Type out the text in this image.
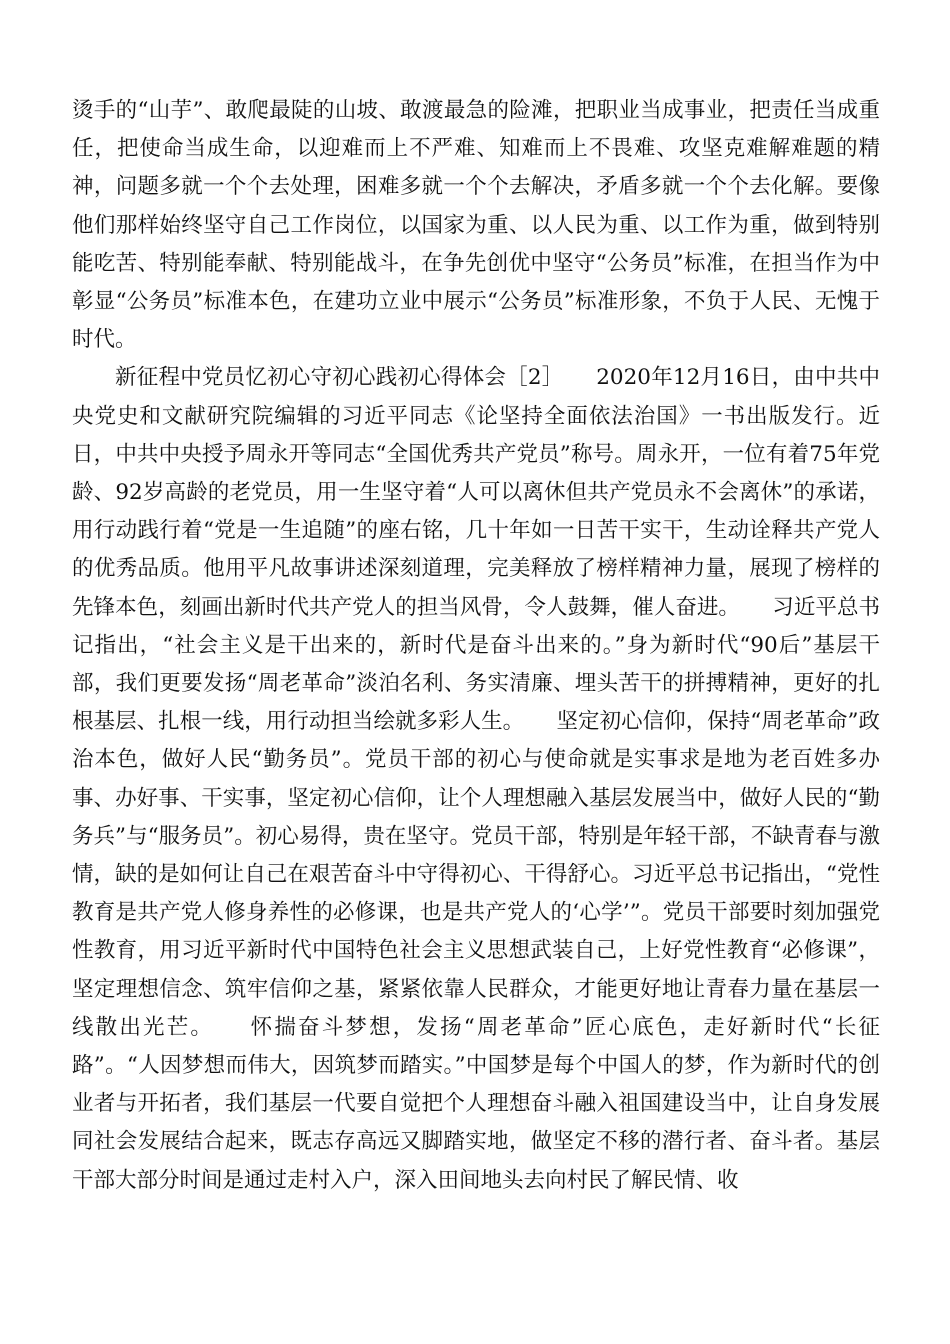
烫手的“山芋”、敢爬最陡的山坡、敢渡最急的险滩，把职业当成事业，把责任当成重任，把使命当成生命，以迎难而上不严难、知难而上不畏难、攻坚克难解难题的精神，问题多就一个个去处理，困难多就一个个去解决，矛盾多就一个个去化解。要像他们那样始终坚守自己工作岗位，以国家为重、以人民为重、以工作为重，做到特别能吃苦、特别能奉献、特别能战斗，在争先创优中坚守“公务员”标准，在担当作为中彰显“公务员”标准本色，在建功立业中展示“公务员”标准形象，不负于人民、无愧于时代。

新征程中党员忆初心守初心践初心得体会［2］　　2020年12月16日，由中共中央党史和文献研究院编辑的习近平同志《论坚持全面依法治国》一书出版发行。近日，中共中央授予周永开等同志“全国优秀共产党员”称号。周永开，一位有着75年党龄、92岁高龄的老党员，用一生坚守着“人可以离休但共产党员永不会离休”的承诺，用行动践行着“党是一生追随”的座右铭，几十年如一日苦干实干，生动诠释共产党人的优秀品质。他用平凡故事讲述深刻道理，完美释放了榜样精神力量，展现了榜样的先锋本色，刻画出新时代共产党人的担当风骨，令人鼓舞，催人奋进。　　习近平总书记指出，“社会主义是干出来的，新时代是奋斗出来的。”身为新时代“90后”基层干部，我们更要发扬“周老革命”淡泊名利、务实清廉、埋头苦干的拼搏精神，更好的扎根基层、扎根一线，用行动担当绘就多彩人生。　　坚定初心信仰，保持“周老革命”政治本色，做好人民“勤务员”。党员干部的初心与使命就是实事求是地为老百姓多办事、办好事、干实事，坚定初心信仰，让个人理想融入基层发展当中，做好人民的“勤务兵”与“服务员”。初心易得，贵在坚守。党员干部，特别是年轻干部，不缺青春与激情，缺的是如何让自己在艰苦奋斗中守得初心、干得舒心。习近平总书记指出，“党性教育是共产党人修身养性的必修课，也是共产党人的‘心学’”。党员干部要时刻加强党性教育，用习近平新时代中国特色社会主义思想武装自己，上好党性教育“必修课”，坚定理想信念、筑牢信仰之基，紧紧依靠人民群众，才能更好地让青春力量在基层一线散出光芒。　　怀揣奋斗梦想，发扬“周老革命”匠心底色，走好新时代“长征路”。“人因梦想而伟大，因筑梦而踏实。”中国梦是每个中国人的梦，作为新时代的创业者与开拓者，我们基层一代要自觉把个人理想奋斗融入祖国建设当中，让自身发展同社会发展结合起来，既志存高远又脚踏实地，做坚定不移的潜行者、奋斗者。基层干部大部分时间是通过走村入户，深入田间地头去向村民了解民情、收
